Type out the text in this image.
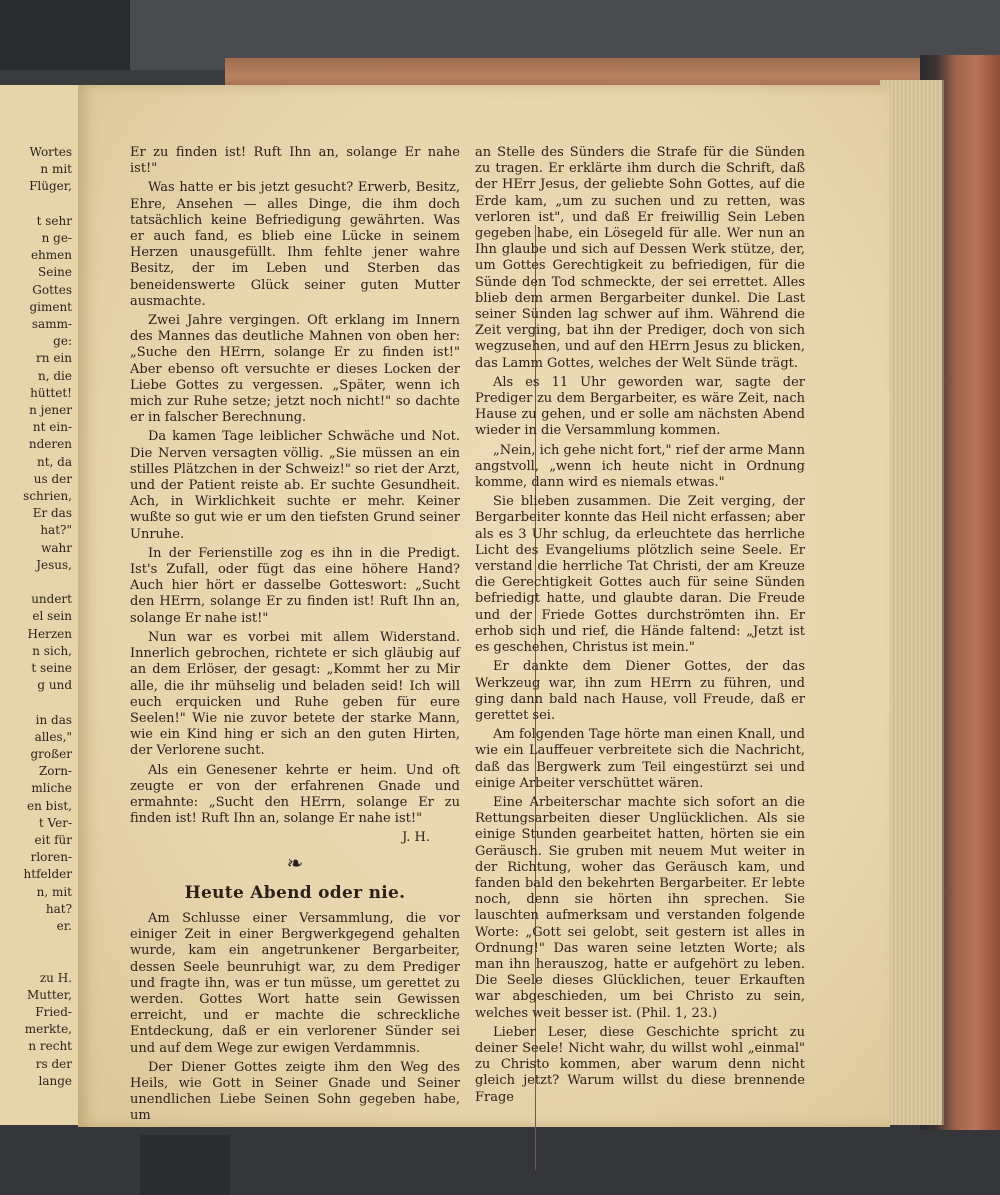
Wortes
n mit
Flüger,
t sehr
n ge-
ehmen
Seine
Gottes
giment
samm-
ge:
rn ein
n, die
hüttet!
n jener
nt ein-
nderen
nt, da
us der
schrien,
Er das
hat?"
wahr
Jesus,
undert
el sein
Herzen
n sich,
t seine
g und
in das
alles,"
großer
Zorn-
mliche
en bist,
t Ver-
eit für
rloren-
htfelder
n, mit
hat?
er.
zu H.
Mutter,
Fried-
merkte,
n recht
rs der
lange

Er zu finden ist! Ruft Ihn an, solange Er nahe ist!"

Was hatte er bis jetzt gesucht? Erwerb, Besitz, Ehre, Ansehen — alles Dinge, die ihm doch tatsächlich keine Befriedigung gewährten. Was er auch fand, es blieb eine Lücke in seinem Herzen unausgefüllt. Ihm fehlte jener wahre Besitz, der im Leben und Sterben das beneidenswerte Glück seiner guten Mutter ausmachte.

Zwei Jahre vergingen. Oft erklang im Innern des Mannes das deutliche Mahnen von oben her: „Suche den HErrn, solange Er zu finden ist!" Aber ebenso oft versuchte er dieses Locken der Liebe Gottes zu vergessen. „Später, wenn ich mich zur Ruhe setze; jetzt noch nicht!" so dachte er in falscher Berechnung.

Da kamen Tage leiblicher Schwäche und Not. Die Nerven versagten völlig. „Sie müssen an ein stilles Plätzchen in der Schweiz!" so riet der Arzt, und der Patient reiste ab. Er suchte Gesundheit. Ach, in Wirklichkeit suchte er mehr. Keiner wußte so gut wie er um den tiefsten Grund seiner Unruhe.

In der Ferienstille zog es ihn in die Predigt. Ist's Zufall, oder fügt das eine höhere Hand? Auch hier hört er dasselbe Gotteswort: „Sucht den HErrn, solange Er zu finden ist! Ruft Ihn an, solange Er nahe ist!"

Nun war es vorbei mit allem Widerstand. Innerlich gebrochen, richtete er sich gläubig auf an dem Erlöser, der gesagt: „Kommt her zu Mir alle, die ihr mühselig und beladen seid! Ich will euch erquicken und Ruhe geben für eure Seelen!" Wie nie zuvor betete der starke Mann, wie ein Kind hing er sich an den guten Hirten, der Verlorene sucht.

Als ein Genesener kehrte er heim. Und oft zeugte er von der erfahrenen Gnade und ermahnte: „Sucht den HErrn, solange Er zu finden ist! Ruft Ihn an, solange Er nahe ist!"

J. H.

❧
Heute Abend oder nie.

Am Schlusse einer Versammlung, die vor einiger Zeit in einer Bergwerkgegend gehalten wurde, kam ein angetrunkener Bergarbeiter, dessen Seele beunruhigt war, zu dem Prediger und fragte ihn, was er tun müsse, um gerettet zu werden. Gottes Wort hatte sein Gewissen erreicht, und er machte die schreckliche Entdeckung, daß er ein verlorener Sünder sei und auf dem Wege zur ewigen Verdammnis.

Der Diener Gottes zeigte ihm den Weg des Heils, wie Gott in Seiner Gnade und Seiner unendlichen Liebe Seinen Sohn gegeben habe, um

an Stelle des Sünders die Strafe für die Sünden zu tragen. Er erklärte ihm durch die Schrift, daß der HErr Jesus, der geliebte Sohn Gottes, auf die Erde kam, „um zu suchen und zu retten, was verloren ist", und daß Er freiwillig Sein Leben gegeben habe, ein Lösegeld für alle. Wer nun an Ihn glaube und sich auf Dessen Werk stütze, der, um Gottes Gerechtigkeit zu befriedigen, für die Sünde den Tod schmeckte, der sei errettet. Alles blieb dem armen Bergarbeiter dunkel. Die Last seiner Sünden lag schwer auf ihm. Während die Zeit verging, bat ihn der Prediger, doch von sich wegzusehen, und auf den HErrn Jesus zu blicken, das Lamm Gottes, welches der Welt Sünde trägt.

Als es 11 Uhr geworden war, sagte der Prediger zu dem Bergarbeiter, es wäre Zeit, nach Hause zu gehen, und er solle am nächsten Abend wieder in die Versammlung kommen.

„Nein, ich gehe nicht fort," rief der arme Mann angstvoll, „wenn ich heute nicht in Ordnung komme, dann wird es niemals etwas."

Sie blieben zusammen. Die Zeit verging, der Bergarbeiter konnte das Heil nicht erfassen; aber als es 3 Uhr schlug, da erleuchtete das herrliche Licht des Evangeliums plötzlich seine Seele. Er verstand die herrliche Tat Christi, der am Kreuze die Gerechtigkeit Gottes auch für seine Sünden befriedigt hatte, und glaubte daran. Die Freude und der Friede Gottes durchströmten ihn. Er erhob sich und rief, die Hände faltend: „Jetzt ist es geschehen, Christus ist mein."

Er dankte dem Diener Gottes, der das Werkzeug war, ihn zum HErrn zu führen, und ging dann bald nach Hause, voll Freude, daß er gerettet sei.

Am folgenden Tage hörte man einen Knall, und wie ein Lauffeuer verbreitete sich die Nachricht, daß das Bergwerk zum Teil eingestürzt sei und einige Arbeiter verschüttet wären.

Eine Arbeiterschar machte sich sofort an die Rettungsarbeiten dieser Unglücklichen. Als sie einige Stunden gearbeitet hatten, hörten sie ein Geräusch. Sie gruben mit neuem Mut weiter in der Richtung, woher das Geräusch kam, und fanden bald den bekehrten Bergarbeiter. Er lebte noch, denn sie hörten ihn sprechen. Sie lauschten aufmerksam und verstanden folgende Worte: „Gott sei gelobt, seit gestern ist alles in Ordnung!" Das waren seine letzten Worte; als man ihn herauszog, hatte er aufgehört zu leben. Die Seele dieses Glücklichen, teuer Erkauften war abgeschieden, um bei Christo zu sein, welches weit besser ist. (Phil. 1, 23.)

Lieber Leser, diese Geschichte spricht zu deiner Seele! Nicht wahr, du willst wohl „einmal" zu Christo kommen, aber warum denn nicht gleich jetzt? Warum willst du diese brennende Frage
